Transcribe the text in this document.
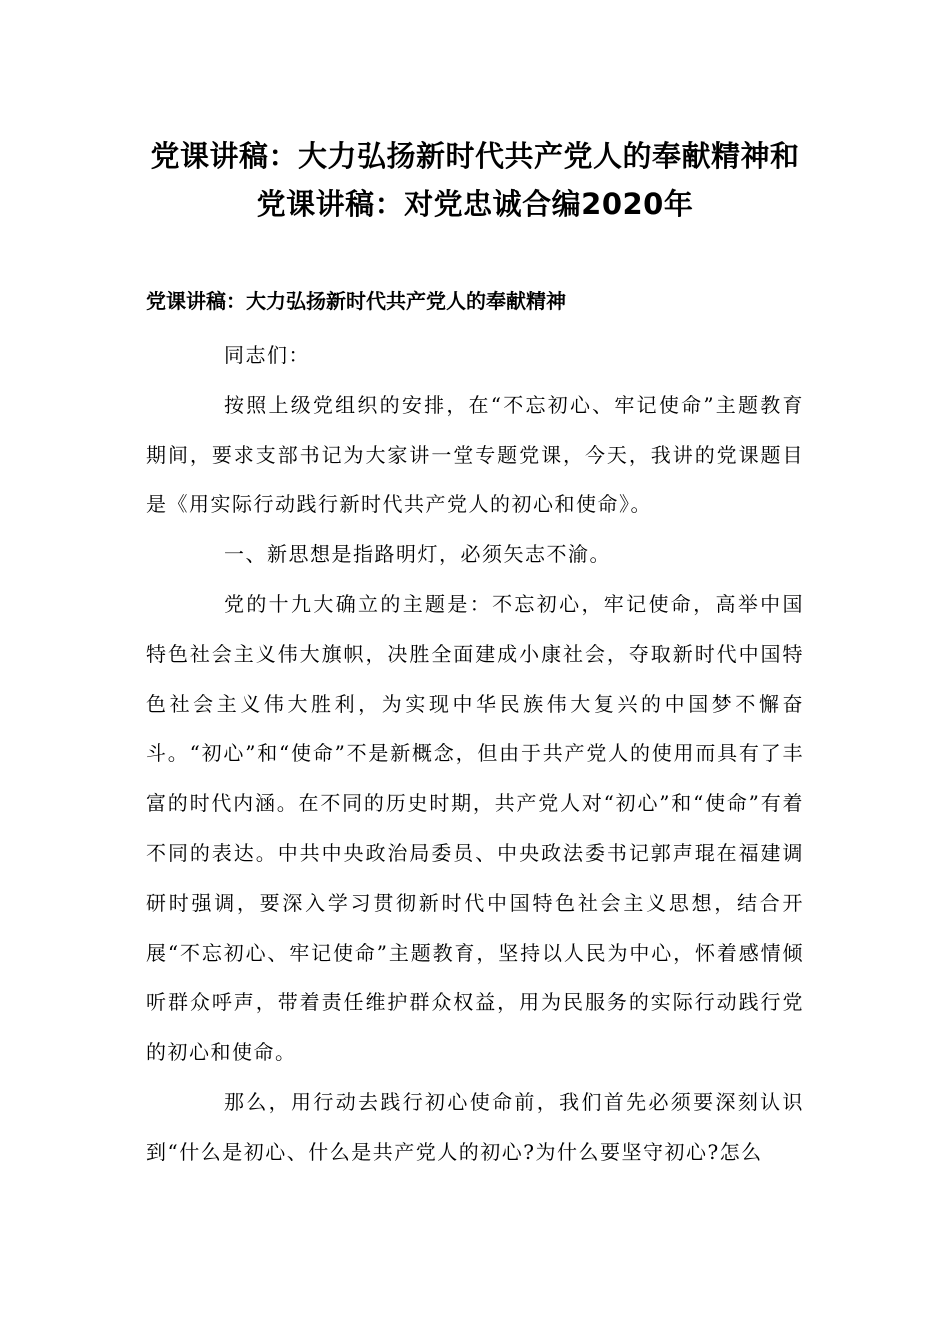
党课讲稿：大力弘扬新时代共产党人的奉献精神和党课讲稿：对党忠诚合编2020年
党课讲稿：大力弘扬新时代共产党人的奉献精神

同志们：

按照上级党组织的安排，在“不忘初心、牢记使命”主题教育期间，要求支部书记为大家讲一堂专题党课，今天，我讲的党课题目是《用实际行动践行新时代共产党人的初心和使命》。

一、新思想是指路明灯，必须矢志不渝。

党的十九大确立的主题是：不忘初心，牢记使命，高举中国特色社会主义伟大旗帜，决胜全面建成小康社会，夺取新时代中国特色社会主义伟大胜利，为实现中华民族伟大复兴的中国梦不懈奋斗。“初心”和“使命”不是新概念，但由于共产党人的使用而具有了丰富的时代内涵。在不同的历史时期，共产党人对“初心”和“使命”有着不同的表达。中共中央政治局委员、中央政法委书记郭声琨在福建调研时强调，要深入学习贯彻新时代中国特色社会主义思想，结合开展“不忘初心、牢记使命”主题教育，坚持以人民为中心，怀着感情倾听群众呼声，带着责任维护群众权益，用为民服务的实际行动践行党的初心和使命。

那么，用行动去践行初心使命前，我们首先必须要深刻认识到“什么是初心、什么是共产党人的初心?为什么要坚守初心?怎么
